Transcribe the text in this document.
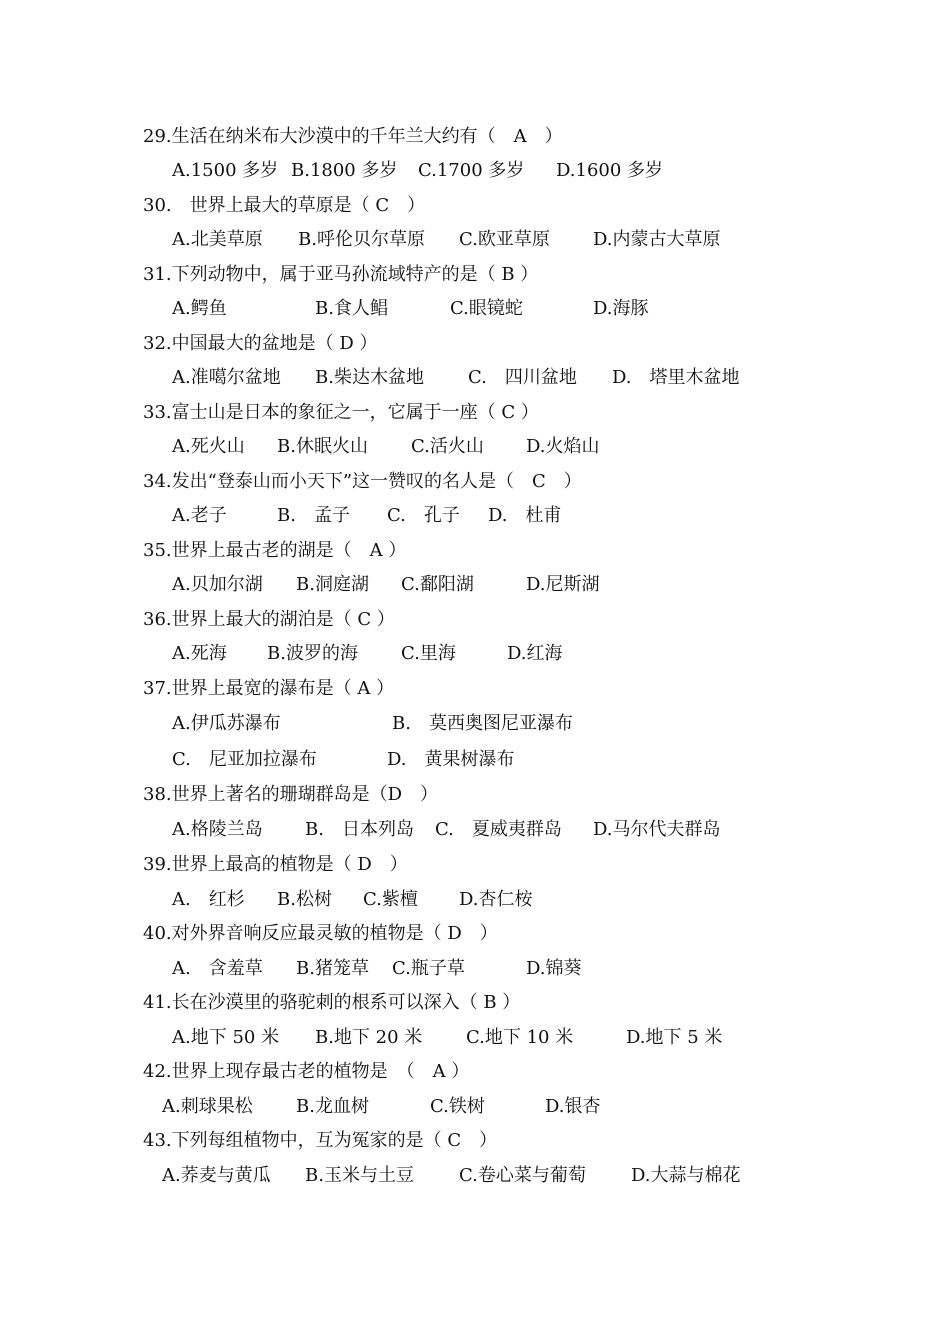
29.生活在纳米布大沙漠中的千年兰大约有（　A　）
A.1500 多岁 B.1800 多岁 C.1700 多岁 D.1600 多岁
30.　世界上最大的草原是（ C　）
A.北美草原 B.呼伦贝尔草原 C.欧亚草原 D.内蒙古大草原
31.下列动物中，属于亚马孙流域特产的是（ B ）
A.鳄鱼	B.食人鲳	C.眼镜蛇	D.海豚
32.中国最大的盆地是（ D ）
A.准噶尔盆地 B.柴达木盆地 C.　四川盆地 D.　塔里木盆地
33.富士山是日本的象征之一，它属于一座（ C ）
A.死火山 B.休眠火山 C.活火山 D.火焰山
34.发出“登泰山而小天下”这一赞叹的名人是（　C　）
A.老子	B.　孟子 C.　孔子 D.　杜甫
35.世界上最古老的湖是（　A ）
A.贝加尔湖 B.洞庭湖 C.鄱阳湖	D.尼斯湖
36.世界上最大的湖泊是（ C ）
A.死海 B.波罗的海 C.里海	D.红海
37.世界上最宽的瀑布是（ A ）
A.伊瓜苏瀑布	B.　莫西奥图尼亚瀑布
C.　尼亚加拉瀑布	D.　黄果树瀑布
38.世界上著名的珊瑚群岛是（D　）
A.格陵兰岛 B.　日本列岛 C.　夏威夷群岛 D.马尔代夫群岛
39.世界上最高的植物是（ D　）
A.　红杉 B.松树 C.紫檀 D.杏仁桉
40.对外界音响反应最灵敏的植物是（ D　）
A.　含羞草 B.猪笼草 C.瓶子草	D.锦葵
41.长在沙漠里的骆驼刺的根系可以深入（ B ）
A.地下 50 米 B.地下 20 米 C.地下 10 米	D.地下 5 米
42.世界上现存最古老的植物是　（　A ）
A.刺球果松 B.龙血树	C.铁树	D.银杏
43.下列每组植物中，互为冤家的是（ C　）
A.荞麦与黄瓜 B.玉米与土豆	C.卷心菜与葡萄	D.大蒜与棉花
